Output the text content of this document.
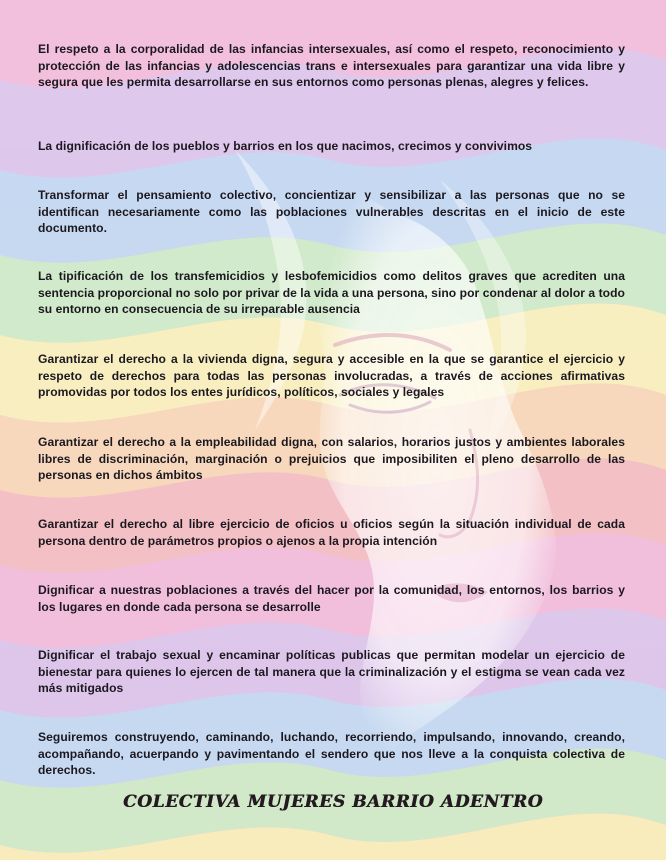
El respeto a la corporalidad de las infancias intersexuales, así como el respeto, reconocimiento y protección de las infancias y adolescencias trans e intersexuales para garantizar una vida libre y segura que les permita desarrollarse en sus entornos como personas plenas, alegres y felices.

La dignificación de los pueblos y barrios en los que nacimos, crecimos y convivimos

Transformar el pensamiento colectivo, concientizar y sensibilizar a las personas que no se identifican necesariamente como las poblaciones vulnerables descritas en el inicio de este documento.

La tipificación de los transfemicidios y lesbofemicidios como delitos graves que acrediten una sentencia proporcional no solo por privar de la vida a una persona, sino por condenar al dolor a todo su entorno en consecuencia de su irreparable ausencia

Garantizar el derecho a la vivienda digna, segura y accesible en la que se garantice el ejercicio y respeto de derechos para todas las personas involucradas, a través de acciones afirmativas promovidas por todos los entes jurídicos, políticos, sociales y legales

Garantizar el derecho a la empleabilidad digna, con salarios, horarios justos y ambientes laborales libres de discriminación, marginación o prejuicios que imposibiliten el pleno desarrollo de las personas en dichos ámbitos

Garantizar el derecho al libre ejercicio de oficios u oficios según la situación individual de cada persona dentro de parámetros propios o ajenos a la propia intención

Dignificar a nuestras poblaciones a través del hacer por la comunidad, los entornos, los barrios y los lugares en donde cada persona se desarrolle

Dignificar el trabajo sexual y encaminar políticas publicas que permitan modelar un ejercicio de bienestar para quienes lo ejercen de tal manera que la criminalización y el estigma se vean cada vez más mitigados

Seguiremos construyendo, caminando, luchando, recorriendo, impulsando, innovando, creando, acompañando, acuerpando y pavimentando el sendero que nos lleve a la conquista colectiva de derechos.

COLECTIVA MUJERES BARRIO ADENTRO
